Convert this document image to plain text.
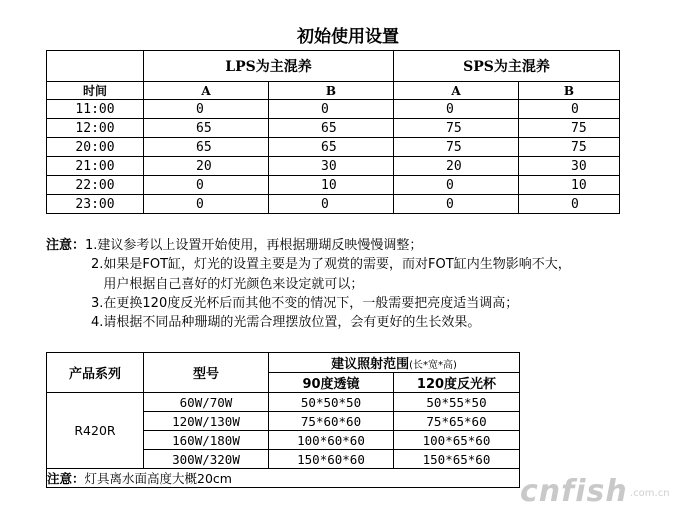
初始使用设置
	LPS为主混养		SPS为主混养	
时间	A	B	A	B
11:00	0	0	0	0
12:00	65	65	75	75
20:00	65	65	75	75
21:00	20	30	20	30
22:00	0	10	0	10
23:00	0	0	0	0
注意：1.建议参考以上设置开始使用，再根据珊瑚反映慢慢调整；
2.如果是FOT缸，灯光的设置主要是为了观赏的需要，而对FOT缸内生物影响不大，
用户根据自己喜好的灯光颜色来设定就可以；
3.在更换120度反光杯后而其他不变的情况下，一般需要把亮度适当调高；
4.请根据不同品种珊瑚的光需合理摆放位置，会有更好的生长效果。
产品系列	型号	建议照射范围(长*宽*高)	
		90度透镜	120度反光杯
R420R	60W/70W	50*50*50	50*55*50
	120W/130W	75*60*60	75*65*60
	160W/180W	100*60*60	100*65*60
	300W/320W	150*60*60	150*65*60
注意：灯具离水面高度大概20cm				cnfish .com.cn
